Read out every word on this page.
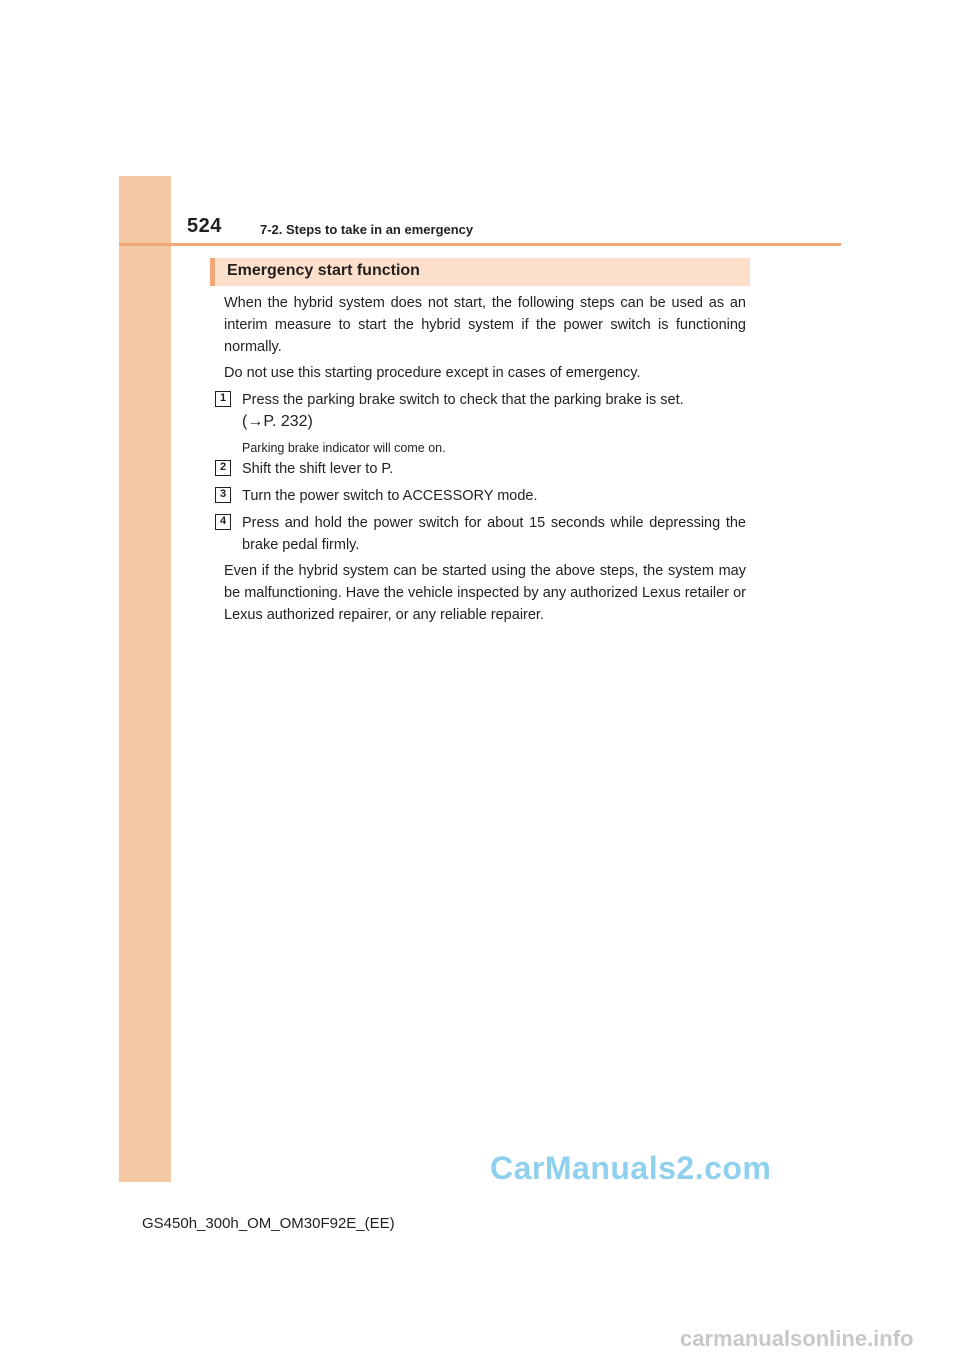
524	7-2. Steps to take in an emergency
Emergency start function
When the hybrid system does not start, the following steps can be used as an interim measure to start the hybrid system if the power switch is functioning normally.
Do not use this starting procedure except in cases of emergency.
1	Press the parking brake switch to check that the parking brake is set.
(→P. 232)
Parking brake indicator will come on.
2	Shift the shift lever to P.
3	Turn the power switch to ACCESSORY mode.
4	Press and hold the power switch for about 15 seconds while depressing the brake pedal firmly.
Even if the hybrid system can be started using the above steps, the system may be malfunctioning. Have the vehicle inspected by any authorized Lexus retailer or Lexus authorized repairer, or any reliable repairer.
CarManuals2.com
GS450h_300h_OM_OM30F92E_(EE)
carmanualsonline.info
